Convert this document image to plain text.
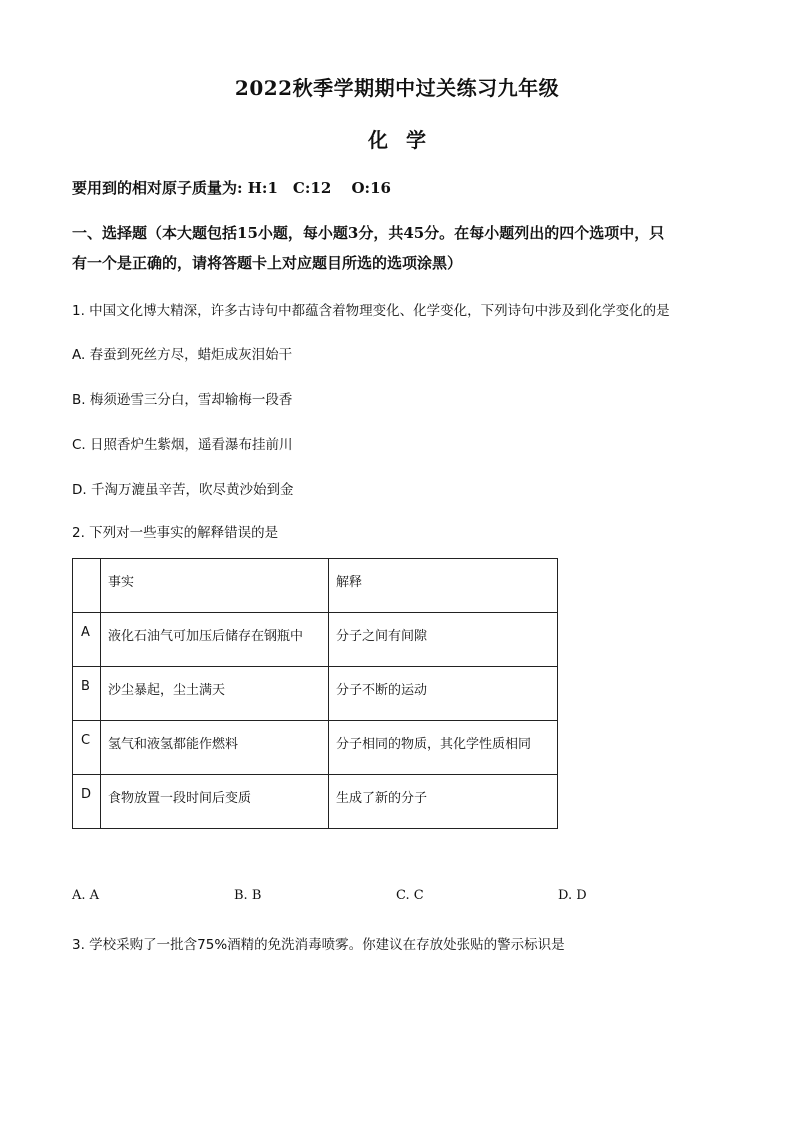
2022秋季学期期中过关练习九年级
化学
要用到的相对原子质量为: H:1　C:12　 O:16
一、选择题（本大题包括15小题，每小题3分，共45分。在每小题列出的四个选项中，只
有一个是正确的，请将答题卡上对应题目所选的选项涂黑）
1. 中国文化博大精深，许多古诗句中都蕴含着物理变化、化学变化，下列诗句中涉及到化学变化的是
A. 春蚕到死丝方尽，蜡炬成灰泪始干
B. 梅须逊雪三分白，雪却输梅一段香
C. 日照香炉生紫烟，遥看瀑布挂前川
D. 千淘万漉虽辛苦，吹尽黄沙始到金
2. 下列对一些事实的解释错误的是
	事实	解释
A	液化石油气可加压后储存在钢瓶中	分子之间有间隙
B	沙尘暴起，尘土满天	分子不断的运动
C	氢气和液氢都能作燃料	分子相同的物质，其化学性质相同
D	食物放置一段时间后变质	生成了新的分子
A. A	B. B	C. C	D. D
3. 学校采购了一批含75%酒精的免洗消毒喷雾。你建议在存放处张贴的警示标识是
